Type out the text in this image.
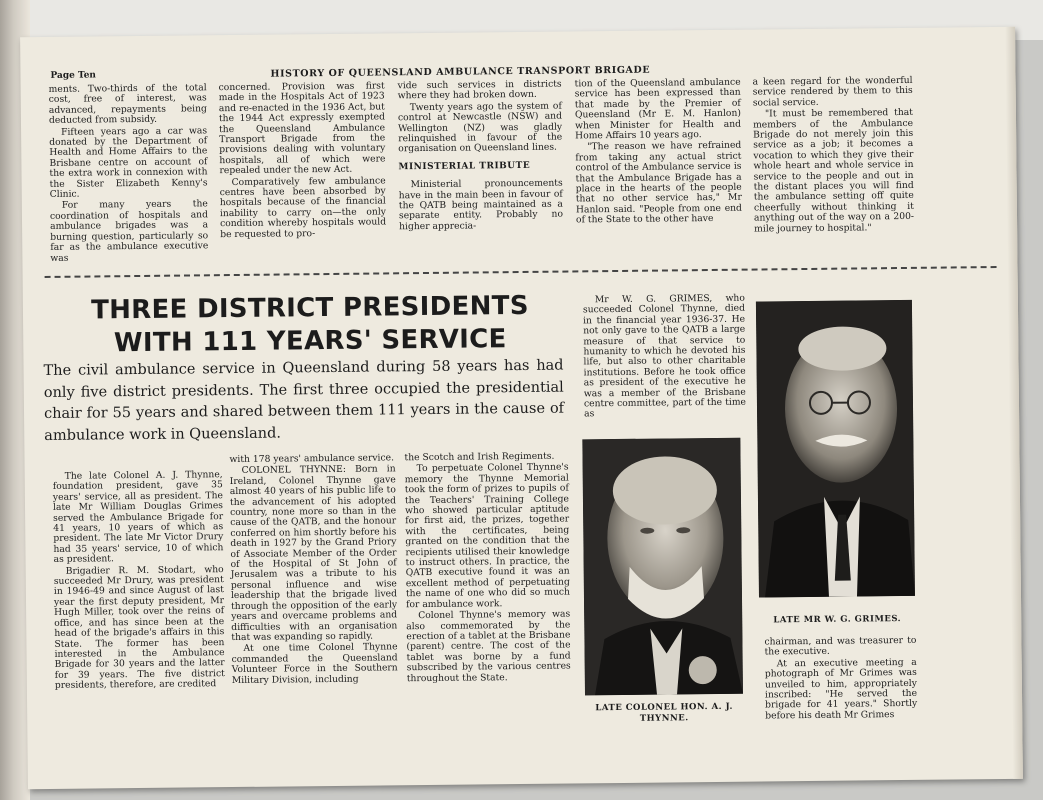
Page Ten	HISTORY OF QUEENSLAND AMBULANCE TRANSPORT BRIGADE

ments. Two-thirds of the total cost, free of interest, was advanced, repayments being deducted from subsidy.

Fifteen years ago a car was donated by the Department of Health and Home Affairs to the Brisbane centre on account of the extra work in connexion with the Sister Elizabeth Kenny's Clinic.

For many years the coordination of hospitals and ambulance brigades was a burning question, particularly so far as the ambulance executive was

concerned. Provision was first made in the Hospitals Act of 1923 and re-enacted in the 1936 Act, but the 1944 Act expressly exempted the Queensland Ambulance Transport Brigade from the provisions dealing with voluntary hospitals, all of which were repealed under the new Act.

Comparatively few ambulance centres have been absorbed by hospitals because of the financial inability to carry on—the only condition whereby hospitals would be requested to pro-

vide such services in districts where they had broken down.

Twenty years ago the system of control at Newcastle (NSW) and Wellington (NZ) was gladly relinquished in favour of the organisation on Queensland lines.

MINISTERIAL TRIBUTE

Ministerial pronouncements have in the main been in favour of the QATB being maintained as a separate entity. Probably no higher apprecia-

tion of the Queensland ambulance service has been expressed than that made by the Premier of Queensland (Mr E. M. Hanlon) when Minister for Health and Home Affairs 10 years ago.

"The reason we have refrained from taking any actual strict control of the Ambulance service is that the Ambulance Brigade has a place in the hearts of the people that no other service has," Mr Hanlon said. "People from one end of the State to the other have

a keen regard for the wonderful service rendered by them to this social service.

"It must be remembered that members of the Ambulance Brigade do not merely join this service as a job; it becomes a vocation to which they give their whole heart and whole service in service to the people and out in the distant places you will find the ambulance setting off quite cheerfully without thinking it anything out of the way on a 200-mile journey to hospital."

THREE DISTRICT PRESIDENTS
WITH 111 YEARS' SERVICE
The civil ambulance service in Queensland during 58 years has had only five district presidents. The first three occupied the presidential chair for 55 years and shared between them 111 years in the cause of ambulance work in Queensland.

The late Colonel A. J. Thynne, foundation president, gave 35 years' service, all as president. The late Mr William Douglas Grimes served the Ambulance Brigade for 41 years, 10 years of which as president. The late Mr Victor Drury had 35 years' service, 10 of which as president.

Brigadier R. M. Stodart, who succeeded Mr Drury, was president in 1946-49 and since August of last year the first deputy president, Mr Hugh Miller, took over the reins of office, and has since been at the head of the brigade's affairs in this State. The former has been interested in the Ambulance Brigade for 30 years and the latter for 39 years. The five district presidents, therefore, are credited

with 178 years' ambulance service.

COLONEL THYNNE: Born in Ireland, Colonel Thynne gave almost 40 years of his public life to the advancement of his adopted country, none more so than in the cause of the QATB, and the honour conferred on him shortly before his death in 1927 by the Grand Priory of Associate Member of the Order of the Hospital of St John of Jerusalem was a tribute to his personal influence and wise leadership that the brigade lived through the opposition of the early years and overcame problems and difficulties with an organisation that was expanding so rapidly.

At one time Colonel Thynne commanded the Queensland Volunteer Force in the Southern Military Division, including

the Scotch and Irish Regiments.

To perpetuate Colonel Thynne's memory the Thynne Memorial took the form of prizes to pupils of the Teachers' Training College who showed particular aptitude for first aid, the prizes, together with the certificates, being granted on the condition that the recipients utilised their knowledge to instruct others. In practice, the QATB executive found it was an excellent method of perpetuating the name of one who did so much for ambulance work.

Colonel Thynne's memory was also commemorated by the erection of a tablet at the Brisbane (parent) centre. The cost of the tablet was borne by a fund subscribed by the various centres throughout the State.

Mr W. G. GRIMES, who succeeded Colonel Thynne, died in the financial year 1936-37. He not only gave to the QATB a large measure of that service to humanity to which he devoted his life, but also to other charitable institutions. Before he took office as president of the executive he was a member of the Brisbane centre committee, part of the time as

LATE COLONEL HON. A. J. THYNNE.
LATE MR W. G. GRIMES.

chairman, and was treasurer to the executive.

At an executive meeting a photograph of Mr Grimes was unveiled to him, appropriately inscribed: "He served the brigade for 41 years." Shortly before his death Mr Grimes
